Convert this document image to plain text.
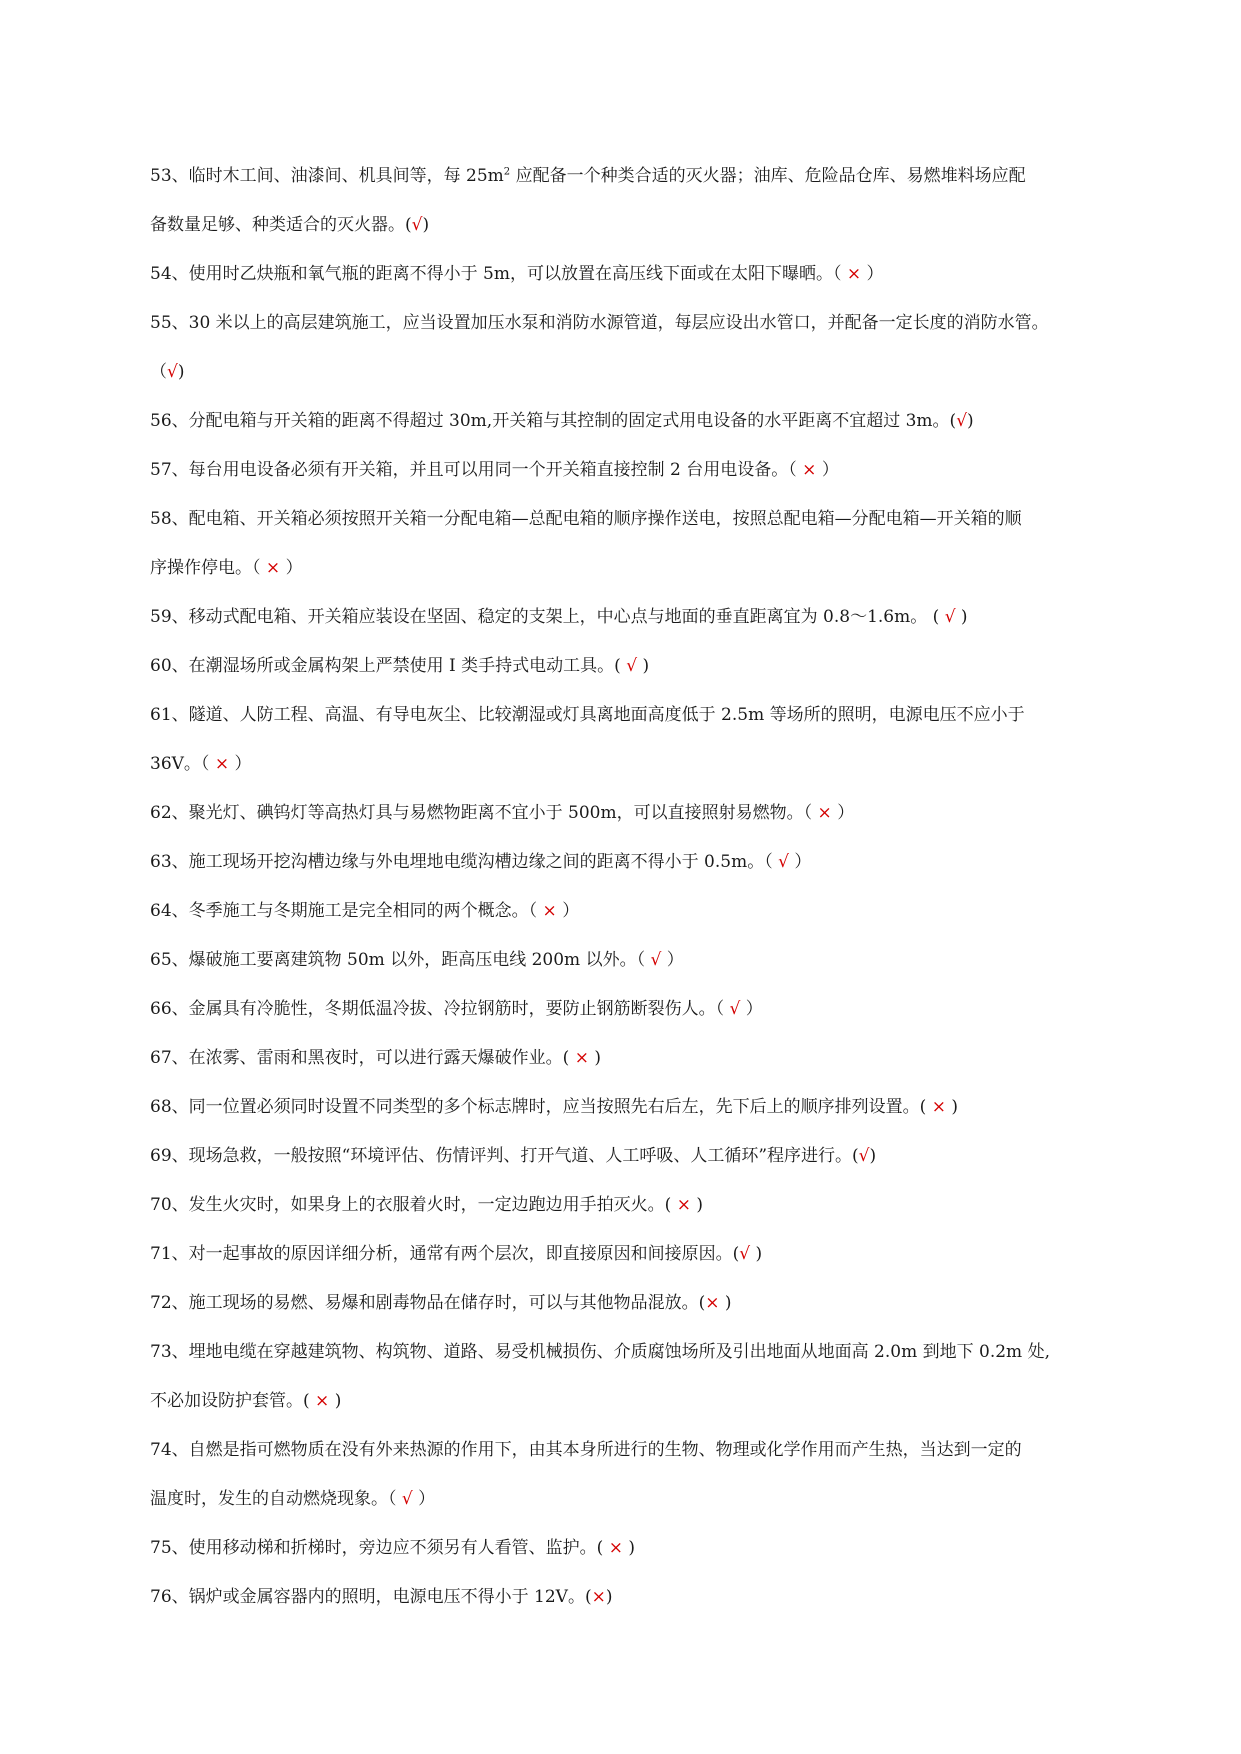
53、临时木工间、油漆间、机具间等，每 $25m^2$ 应配备一个种类合适的灭火器；油库、危险品仓库、易燃堆料场应配
备数量足够、种类适合的灭火器。(√)
54、使用时乙炔瓶和氧气瓶的距离不得小于 5m，可以放置在高压线下面或在太阳下曝晒。（ × ）
55、30 米以上的高层建筑施工，应当设置加压水泵和消防水源管道，每层应设出水管口，并配备一定长度的消防水管。
（√)
56、分配电箱与开关箱的距离不得超过 30m,开关箱与其控制的固定式用电设备的水平距离不宜超过 3m。(√)
57、每台用电设备必须有开关箱，并且可以用同一个开关箱直接控制 2 台用电设备。（ × ）
58、配电箱、开关箱必须按照开关箱一分配电箱—总配电箱的顺序操作送电，按照总配电箱—分配电箱—开关箱的顺
序操作停电。（ × ）
59、移动式配电箱、开关箱应装设在坚固、稳定的支架上，中心点与地面的垂直距离宜为 0.8～1.6m。 ( √ )
60、在潮湿场所或金属构架上严禁使用 I 类手持式电动工具。( √ )
61、隧道、人防工程、高温、有导电灰尘、比较潮湿或灯具离地面高度低于 2.5m 等场所的照明，电源电压不应小于
36V。（ × ）
62、聚光灯、碘钨灯等高热灯具与易燃物距离不宜小于 500m，可以直接照射易燃物。（ × ）
63、施工现场开挖沟槽边缘与外电埋地电缆沟槽边缘之间的距离不得小于 0.5m。（ √ ）
64、冬季施工与冬期施工是完全相同的两个概念。（ × ）
65、爆破施工要离建筑物 50m 以外，距高压电线 200m 以外。（ √ ）
66、金属具有冷脆性，冬期低温冷拔、冷拉钢筋时，要防止钢筋断裂伤人。（ √ ）
67、在浓雾、雷雨和黑夜时，可以进行露天爆破作业。( × )
68、同一位置必须同时设置不同类型的多个标志牌时，应当按照先右后左，先下后上的顺序排列设置。( × )
69、现场急救，一般按照“环境评估、伤情评判、打开气道、人工呼吸、人工循环”程序进行。(√)
70、发生火灾时，如果身上的衣服着火时，一定边跑边用手拍灭火。( × )
71、对一起事故的原因详细分析，通常有两个层次，即直接原因和间接原因。(√ )
72、施工现场的易燃、易爆和剧毒物品在储存时，可以与其他物品混放。(× )
73、埋地电缆在穿越建筑物、构筑物、道路、易受机械损伤、介质腐蚀场所及引出地面从地面高 2.0m 到地下 0.2m 处,
不必加设防护套管。( × )
74、自燃是指可燃物质在没有外来热源的作用下，由其本身所进行的生物、物理或化学作用而产生热，当达到一定的
温度时，发生的自动燃烧现象。（ √ ）
75、使用移动梯和折梯时，旁边应不须另有人看管、监护。( × )
76、锅炉或金属容器内的照明，电源电压不得小于 12V。(×)
